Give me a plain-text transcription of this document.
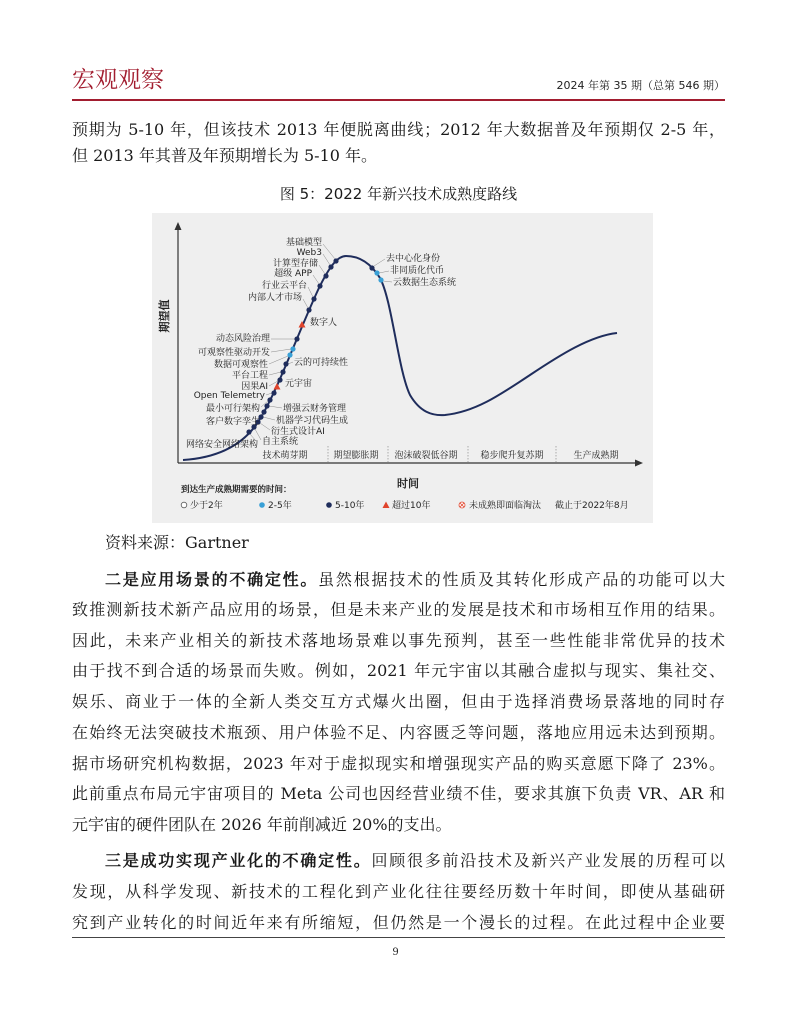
宏观观察	2024 年第 35 期（总第 546 期）
预期为 5-10 年，但该技术 2013 年便脱离曲线；2012 年大数据普及年预期仅 2-5 年，
但 2013 年其普及年预期增长为 5-10 年。
图 5：2022 年新兴技术成熟度路线
期望值
时间
技术萌芽期	期望膨胀期 泡沫破裂低谷期	稳步爬升复苏期	生产成熟期
基础模型
Web3
计算型存储
超级 APP
行业云平台
内部人才市场
数字人
动态风险治理
可观察性驱动开发
数据可观察性	云的可持续性
平台工程
因果AI 元宇宙
Open Telemetry
最小可行架构	增强云财务管理
客户数字孪生 机器学习代码生成
衍生式设计AI
自主系统
网络安全网络架构
去中心化身份
非同质化代币
云数据生态系统
到达生产成熟期需要的时间：
少于2年	2-5年	5-10年	超过10年	未成熟即面临淘汰 截止于2022年8月
资料来源：Gartner
二是应用场景的不确定性。虽然根据技术的性质及其转化形成产品的功能可以大
致推测新技术新产品应用的场景，但是未来产业的发展是技术和市场相互作用的结果。
因此，未来产业相关的新技术落地场景难以事先预判，甚至一些性能非常优异的技术
由于找不到合适的场景而失败。例如，2021 年元宇宙以其融合虚拟与现实、集社交、
娱乐、商业于一体的全新人类交互方式爆火出圈，但由于选择消费场景落地的同时存
在始终无法突破技术瓶颈、用户体验不足、内容匮乏等问题，落地应用远未达到预期。
据市场研究机构数据，2023 年对于虚拟现实和增强现实产品的购买意愿下降了 23%。
此前重点布局元宇宙项目的 Meta 公司也因经营业绩不佳，要求其旗下负责 VR、AR 和
元宇宙的硬件团队在 2026 年前削减近 20%的支出。
三是成功实现产业化的不确定性。回顾很多前沿技术及新兴产业发展的历程可以
发现，从科学发现、新技术的工程化到产业化往往要经历数十年时间，即使从基础研
究到产业转化的时间近年来有所缩短，但仍然是一个漫长的过程。在此过程中企业要
9
